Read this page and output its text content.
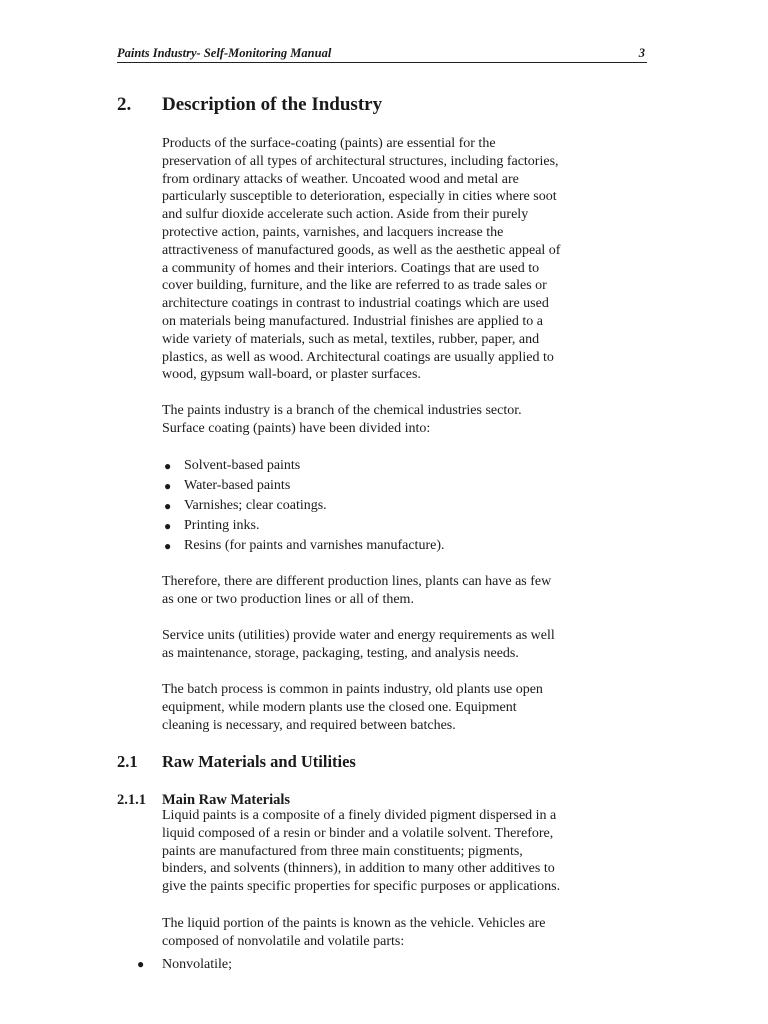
Paints Industry- Self-Monitoring Manual	3
2. Description of the Industry

Products of the surface-coating (paints) are essential for the
preservation of all types of architectural structures, including factories,
from ordinary attacks of weather. Uncoated wood and metal are
particularly susceptible to deterioration, especially in cities where soot
and sulfur dioxide accelerate such action. Aside from their purely
protective action, paints, varnishes, and lacquers increase the
attractiveness of manufactured goods, as well as the aesthetic appeal of
a community of homes and their interiors. Coatings that are used to
cover building, furniture, and the like are referred to as trade sales or
architecture coatings in contrast to industrial coatings which are used
on materials being manufactured. Industrial finishes are applied to a
wide variety of materials, such as metal, textiles, rubber, paper, and
plastics, as well as wood. Architectural coatings are usually applied to
wood, gypsum wall-board, or plaster surfaces.

The paints industry is a branch of the chemical industries sector.
Surface coating (paints) have been divided into:

● Solvent-based paints
● Water-based paints
● Varnishes; clear coatings.
● Printing inks.
● Resins (for paints and varnishes manufacture).

Therefore, there are different production lines, plants can have as few
as one or two production lines or all of them.

Service units (utilities) provide water and energy requirements as well
as maintenance, storage, packaging, testing, and analysis needs.

The batch process is common in paints industry, old plants use open
equipment, while modern plants use the closed one. Equipment
cleaning is necessary, and required between batches.

2.1 Raw Materials and Utilities
2.1.1 Main Raw Materials

Liquid paints is a composite of a finely divided pigment dispersed in a
liquid composed of a resin or binder and a volatile solvent. Therefore,
paints are manufactured from three main constituents; pigments,
binders, and solvents (thinners), in addition to many other additives to
give the paints specific properties for specific purposes or applications.

The liquid portion of the paints is known as the vehicle. Vehicles are
composed of nonvolatile and volatile parts:

● Nonvolatile;
